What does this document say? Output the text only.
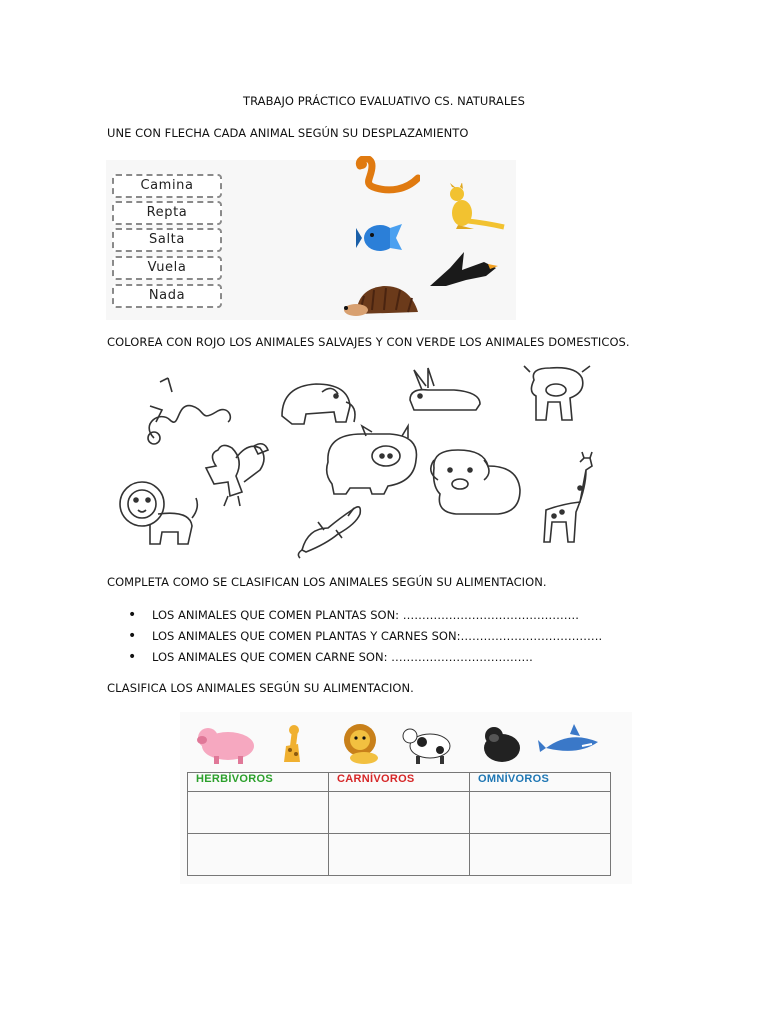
TRABAJO PRÁCTICO EVALUATIVO CS. NATURALES
UNE CON FLECHA CADA ANIMAL SEGÚN SU DESPLAZAMIENTO
Camina
Repta
Salta
Vuela
Nada
COLOREA CON ROJO LOS ANIMALES SALVAJES Y CON VERDE LOS ANIMALES DOMESTICOS.
COMPLETA COMO SE CLASIFICAN LOS ANIMALES SEGÚN SU ALIMENTACION.
• LOS ANIMALES QUE COMEN PLANTAS SON: ……………………………………….
• LOS ANIMALES QUE COMEN PLANTAS Y CARNES SON:……………………………….
• LOS ANIMALES QUE COMEN CARNE SON: ……………………………….
CLASIFICA LOS ANIMALES SEGÚN SU ALIMENTACION.
HERBÍVOROS	CARNÍVOROS	OMNÍVOROS
